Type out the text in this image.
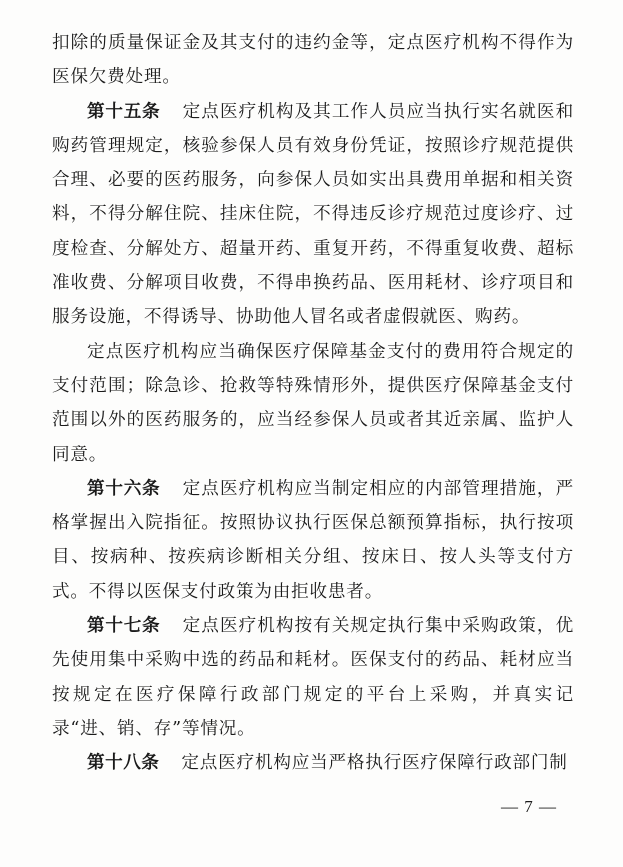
扣除的质量保证金及其支付的违约金等，定点医疗机构不得作为医保欠费处理。

第十五条 定点医疗机构及其工作人员应当执行实名就医和购药管理规定，核验参保人员有效身份凭证，按照诊疗规范提供合理、必要的医药服务，向参保人员如实出具费用单据和相关资料，不得分解住院、挂床住院，不得违反诊疗规范过度诊疗、过度检查、分解处方、超量开药、重复开药，不得重复收费、超标准收费、分解项目收费，不得串换药品、医用耗材、诊疗项目和服务设施，不得诱导、协助他人冒名或者虚假就医、购药。

定点医疗机构应当确保医疗保障基金支付的费用符合规定的支付范围；除急诊、抢救等特殊情形外，提供医疗保障基金支付范围以外的医药服务的，应当经参保人员或者其近亲属、监护人同意。

第十六条 定点医疗机构应当制定相应的内部管理措施，严格掌握出入院指征。按照协议执行医保总额预算指标，执行按项目、按病种、按疾病诊断相关分组、按床日、按人头等支付方式。不得以医保支付政策为由拒收患者。

第十七条 定点医疗机构按有关规定执行集中采购政策，优先使用集中采购中选的药品和耗材。医保支付的药品、耗材应当按规定在医疗保障行政部门规定的平台上采购，并真实记录“进、销、存”等情况。

第十八条 定点医疗机构应当严格执行医疗保障行政部门制

— 7 —
